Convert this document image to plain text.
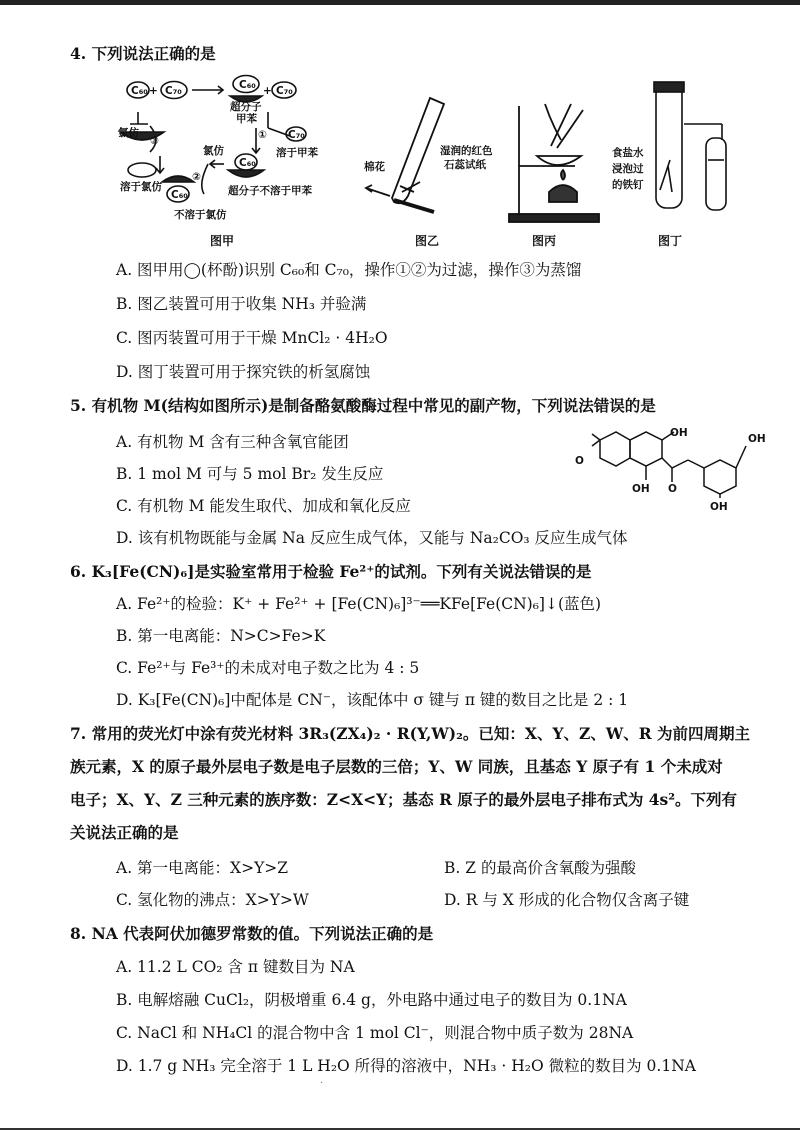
4. 下列说法正确的是
C₆₀ + C₇₀	C₆₀ + C₇₀
超分子
甲苯
① C₇₀
溶于甲苯
C₆₀
超分子不溶于甲苯
氯仿
②
C₆₀
不溶于氯仿
氯仿
③
溶于氯仿
图甲
棉花
湿润的红色
石蕊试纸
图乙	图丙
食盐水
浸泡过
的铁钉
图丁
A. 图甲用◯(杯酚)识别 C₆₀和 C₇₀，操作①②为过滤，操作③为蒸馏
B. 图乙装置可用于收集 NH₃ 并验满
C. 图丙装置可用于干燥 MnCl₂ · 4H₂O
D. 图丁装置可用于探究铁的析氢腐蚀
5. 有机物 M(结构如图所示)是制备酪氨酸酶过程中常见的副产物，下列说法错误的是
O
OH	OH
OH O
OH
A. 有机物 M 含有三种含氧官能团
B. 1 mol M 可与 5 mol Br₂ 发生反应
C. 有机物 M 能发生取代、加成和氧化反应
D. 该有机物既能与金属 Na 反应生成气体，又能与 Na₂CO₃ 反应生成气体
6. K₃[Fe(CN)₆]是实验室常用于检验 Fe²⁺的试剂。下列有关说法错误的是
A. Fe²⁺的检验：K⁺ + Fe²⁺ + [Fe(CN)₆]³⁻══KFe[Fe(CN)₆]↓(蓝色)
B. 第一电离能：N>C>Fe>K
C. Fe²⁺与 Fe³⁺的未成对电子数之比为 4 : 5
D. K₃[Fe(CN)₆]中配体是 CN⁻，该配体中 σ 键与 π 键的数目之比是 2 : 1
7. 常用的荧光灯中涂有荧光材料 3R₃(ZX₄)₂ · R(Y,W)₂。已知：X、Y、Z、W、R 为前四周期主
族元素，X 的原子最外层电子数是电子层数的三倍；Y、W 同族，且基态 Y 原子有 1 个未成对
电子；X、Y、Z 三种元素的族序数：Z<X<Y；基态 R 原子的最外层电子排布式为 4s²。下列有
关说法正确的是
A. 第一电离能：X>Y>Z	B. Z 的最高价含氧酸为强酸
C. 氢化物的沸点：X>Y>W	D. R 与 X 形成的化合物仅含离子键
8. NA 代表阿伏加德罗常数的值。下列说法正确的是
A. 11.2 L CO₂ 含 π 键数目为 NA
B. 电解熔融 CuCl₂，阴极增重 6.4 g，外电路中通过电子的数目为 0.1NA
C. NaCl 和 NH₄Cl 的混合物中含 1 mol Cl⁻，则混合物中质子数为 28NA
D. 1.7 g NH₃ 完全溶于 1 L H₂O 所得的溶液中，NH₃ · H₂O 微粒的数目为 0.1NA
·
